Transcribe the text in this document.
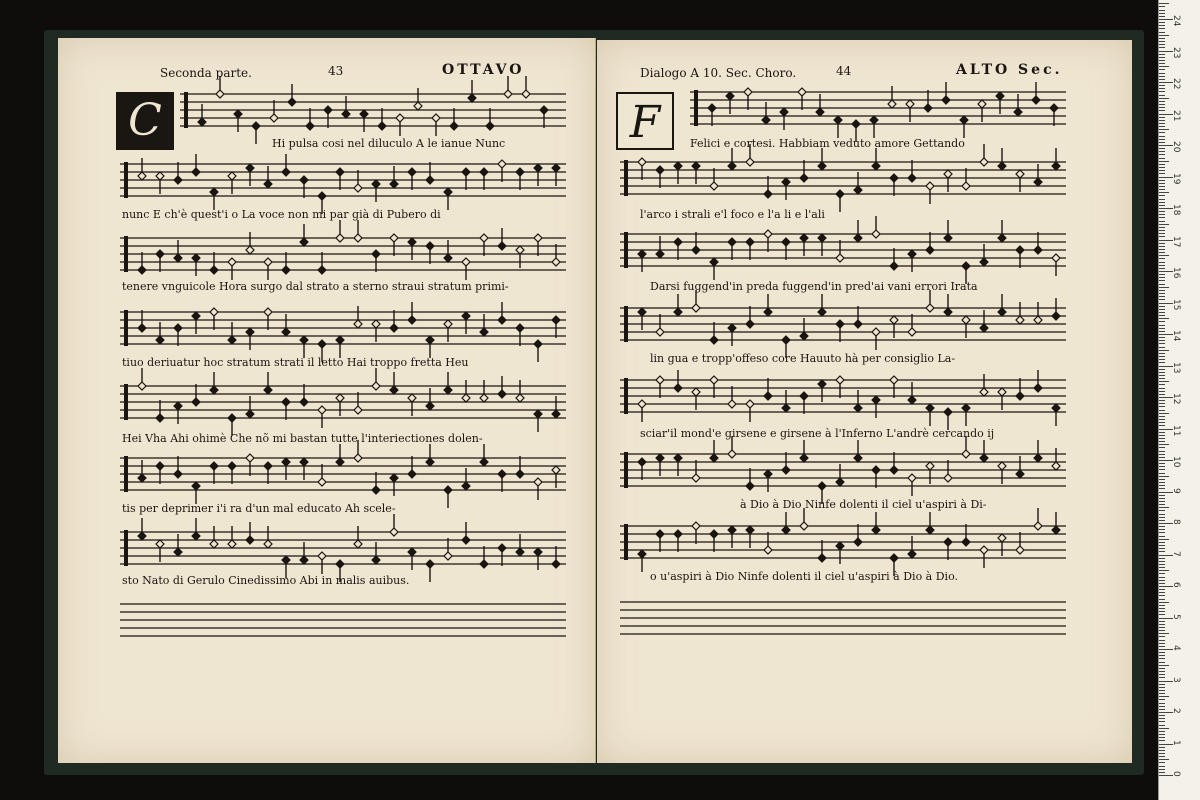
Seconda parte.	43	OTTAVO
C
Dialogo A 10. Sec. Choro.	44	ALTO Sec.
F
Hi pulsa cosi nel diluculo A le ianue Nunc
nunc E ch'è quest'i o La voce non mi par già di Pubero di
tenere vnguicole Hora surgo dal strato a sterno straui stratum primi-
tiuo deriuatur hoc stratum strati il letto Hai troppo fretta Heu
Hei Vha Ahi ohimè Che nõ mi bastan tutte l'interiectiones dolen-
tis per deprimer i'i ra d'un mal educato Ah scele-
sto Nato di Gerulo Cinedissimo Abi in malis auibus.
Felici e cortesi. Habbiam veduto amore Gettando
l'arco i strali e'l foco e l'a li e l'ali
Darsi fuggend'in preda fuggend'in pred'ai vani errori Irata
lin gua e tropp'offeso core Hauuto hà per consiglio La-
sciar'il mond'e girsene e girsene à l'Inferno L'andrè cercando ij
à Dio à Dio Ninfe dolenti il ciel u'aspiri à Di-
o u'aspiri à Dio Ninfe dolenti il ciel u'aspiri à Dio à Dio.
0
1
2
3
4
5
6
7
8
9
10
11
12
13
14
15
16
17
18
19
20
21
22
23
24
